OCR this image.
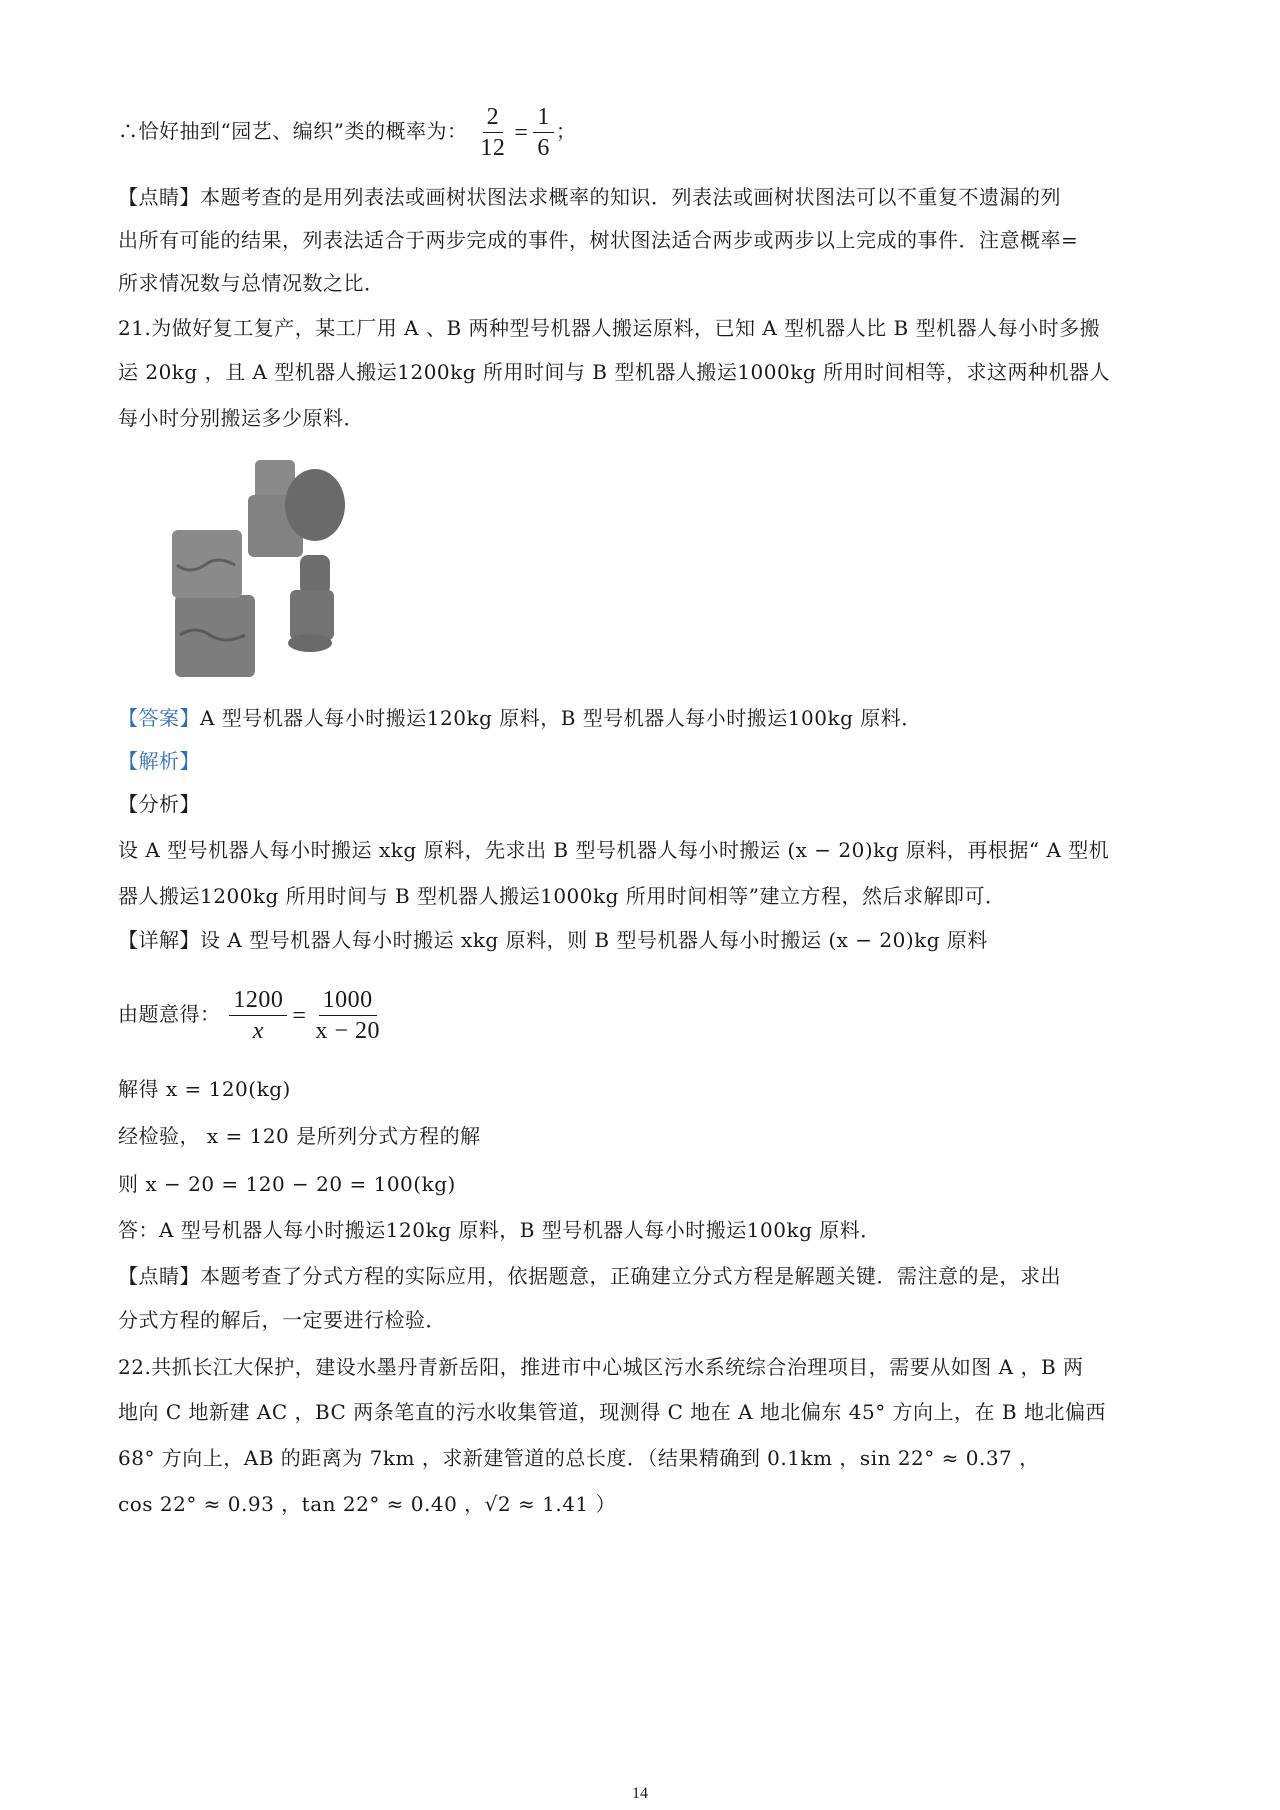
∴恰好抽到“园艺、编织”类的概率为： $\frac{2}{12} = \frac{1}{6}$ ；
【点睛】本题考查的是用列表法或画树状图法求概率的知识．列表法或画树状图法可以不重复不遗漏的列
出所有可能的结果，列表法适合于两步完成的事件，树状图法适合两步或两步以上完成的事件．注意概率=
所求情况数与总情况数之比．
21.为做好复工复产，某工厂用 A 、B 两种型号机器人搬运原料，已知 A 型机器人比 B 型机器人每小时多搬
运 20kg ，且 A 型机器人搬运1200kg 所用时间与 B 型机器人搬运1000kg 所用时间相等，求这两种机器人
每小时分别搬运多少原料．
【答案】A 型号机器人每小时搬运120kg 原料，B 型号机器人每小时搬运100kg 原料．
【解析】
【分析】
设 A 型号机器人每小时搬运 xkg 原料，先求出 B 型号机器人每小时搬运 (x − 20)kg 原料，再根据“ A 型机
器人搬运1200kg 所用时间与 B 型机器人搬运1000kg 所用时间相等”建立方程，然后求解即可．
【详解】设 A 型号机器人每小时搬运 xkg 原料，则 B 型号机器人每小时搬运 (x − 20)kg 原料
由题意得： $\frac{1200}{x} = \frac{1000}{x - 20}$
解得 x = 120(kg)
经检验， x = 120 是所列分式方程的解
则 x − 20 = 120 − 20 = 100(kg)
答：A 型号机器人每小时搬运120kg 原料，B 型号机器人每小时搬运100kg 原料．
【点睛】本题考查了分式方程的实际应用，依据题意，正确建立分式方程是解题关键．需注意的是，求出
分式方程的解后，一定要进行检验．
22.共抓长江大保护，建设水墨丹青新岳阳，推进市中心城区污水系统综合治理项目，需要从如图 A ，B 两
地向 C 地新建 AC ，BC 两条笔直的污水收集管道，现测得 C 地在 A 地北偏东 45° 方向上，在 B 地北偏西
68° 方向上，AB 的距离为 7km ，求新建管道的总长度．（结果精确到 0.1km ，sin 22° ≈ 0.37 ，
cos 22° ≈ 0.93 ，tan 22° ≈ 0.40 ，√2 ≈ 1.41 ）
14
